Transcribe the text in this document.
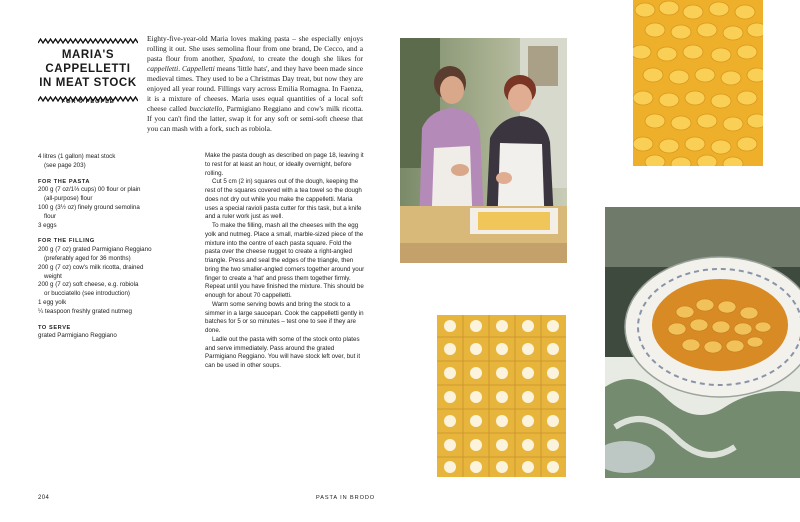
MARIA'S CAPPELLETTI IN MEAT STOCK
FOR 6 PEOPLE

Eighty-five-year-old Maria loves making pasta – she especially enjoys rolling it out. She uses semolina flour from one brand, De Cecco, and a pasta flour from another, Spadoni, to create the dough she likes for cappelletti. Cappelletti means 'little hats', and they have been made since medieval times. They used to be a Christmas Day treat, but now they are enjoyed all year round. Fillings vary across Emilia Romagna. In Faenza, it is a mixture of cheeses. Maria uses equal quantities of a local soft cheese called bucciatello, Parmigiano Reggiano and cow's milk ricotta. If you can't find the latter, swap it for any soft or semi-soft cheese that you can mash with a fork, such as robiola.

4 litres (1 gallon) meat stock
(see page 203)
FOR THE PASTA
200 g (7 oz/1⅔ cups) 00 flour or plain
(all-purpose) flour
100 g (3½ oz) finely ground semolina
flour
3 eggs
FOR THE FILLING
200 g (7 oz) grated Parmigiano Reggiano
(preferably aged for 36 months)
200 g (7 oz) cow's milk ricotta, drained
weight
200 g (7 oz) soft cheese, e.g. robiola
or bucciatello (see introduction)
1 egg yolk
¼ teaspoon freshly grated nutmeg
TO SERVE
grated Parmigiano Reggiano

Make the pasta dough as described on page 18, leaving it to rest for at least an hour, or ideally overnight, before rolling.

Cut 5 cm (2 in) squares out of the dough, keeping the rest of the squares covered with a tea towel so the dough does not dry out while you make the cappelletti. Maria uses a special ravioli pasta cutter for this task, but a knife and a ruler work just as well.

To make the filling, mash all the cheeses with the egg yolk and nutmeg. Place a small, marble-sized piece of the mixture into the centre of each pasta square. Fold the pasta over the cheese nugget to create a right-angled triangle. Press and seal the edges of the triangle, then bring the two smaller-angled corners together around your finger to create a 'hat' and press them together firmly. Repeat until you have finished the mixture. This should be enough for about 70 cappelletti.

Warm some serving bowls and bring the stock to a simmer in a large saucepan. Cook the cappelletti gently in batches for 5 or so minutes – test one to see if they are done.

Ladle out the pasta with some of the stock onto plates and serve immediately. Pass around the grated Parmigiano Reggiano. You will have stock left over, but it can be used in other soups.

204	PASTA IN BRODO
